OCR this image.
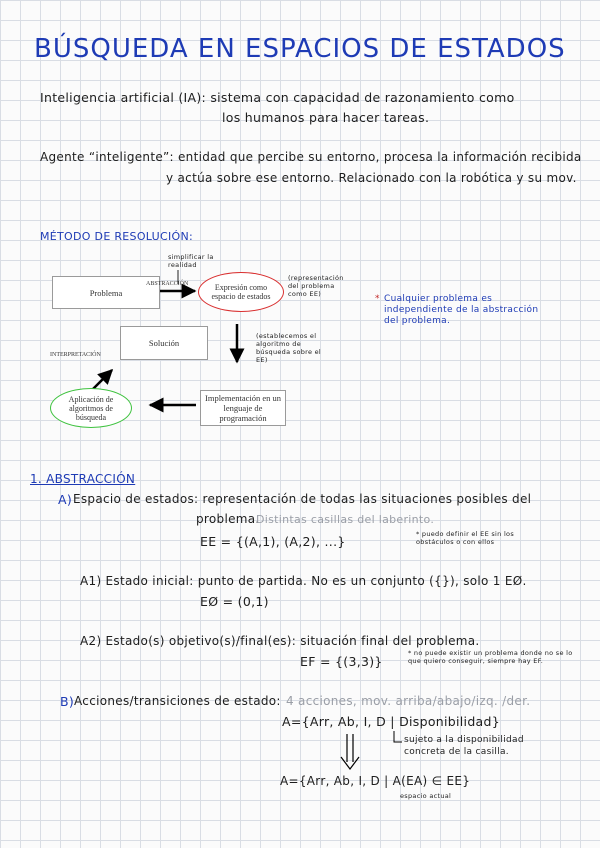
BÚSQUEDA EN ESPACIOS DE ESTADOS
Inteligencia artificial (IA): sistema con capacidad de razonamiento como
los humanos para hacer tareas.
Agente “inteligente”: entidad que percibe su entorno, procesa la información recibida
y actúa sobre ese entorno. Relacionado con la robótica y su mov.
MÉTODO DE RESOLUCIÓN:
Problema
ABSTRACCIÓN	Expresión como espacio de estados
simplificar la realidad
(representación del problema como EE)
Solución
INTERPRETACIÓN
(establecemos el algoritmo de búsqueda sobre el EE)
Aplicación de algoritmos de búsqueda
Implementación en un lenguaje de programación
* Cualquier problema es independiente de la abstracción del problema.
1. ABSTRACCIÓN
A) Espacio de estados: representación de todas las situaciones posibles del
problema.
Distintas casillas del laberinto.
EE = {(A,1), (A,2), ...}	* puedo definir el EE sin los obstáculos o con ellos
A1) Estado inicial: punto de partida. No es un conjunto ({}), solo 1 EØ.
EØ = (0,1)
A2) Estado(s) objetivo(s)/final(es): situación final del problema.
EF = {(3,3)}
* no puede existir un problema donde no se lo que quiero conseguir, siempre hay EF.
B) Acciones/transiciones de estado: 4 acciones, mov. arriba/abajo/izq. /der.
A={Arr, Ab, I, D | Disponibilidad}
sujeto a la disponibilidad concreta de la casilla.
A={Arr, Ab, I, D | A(EA) ∈ EE}
espacio actual
